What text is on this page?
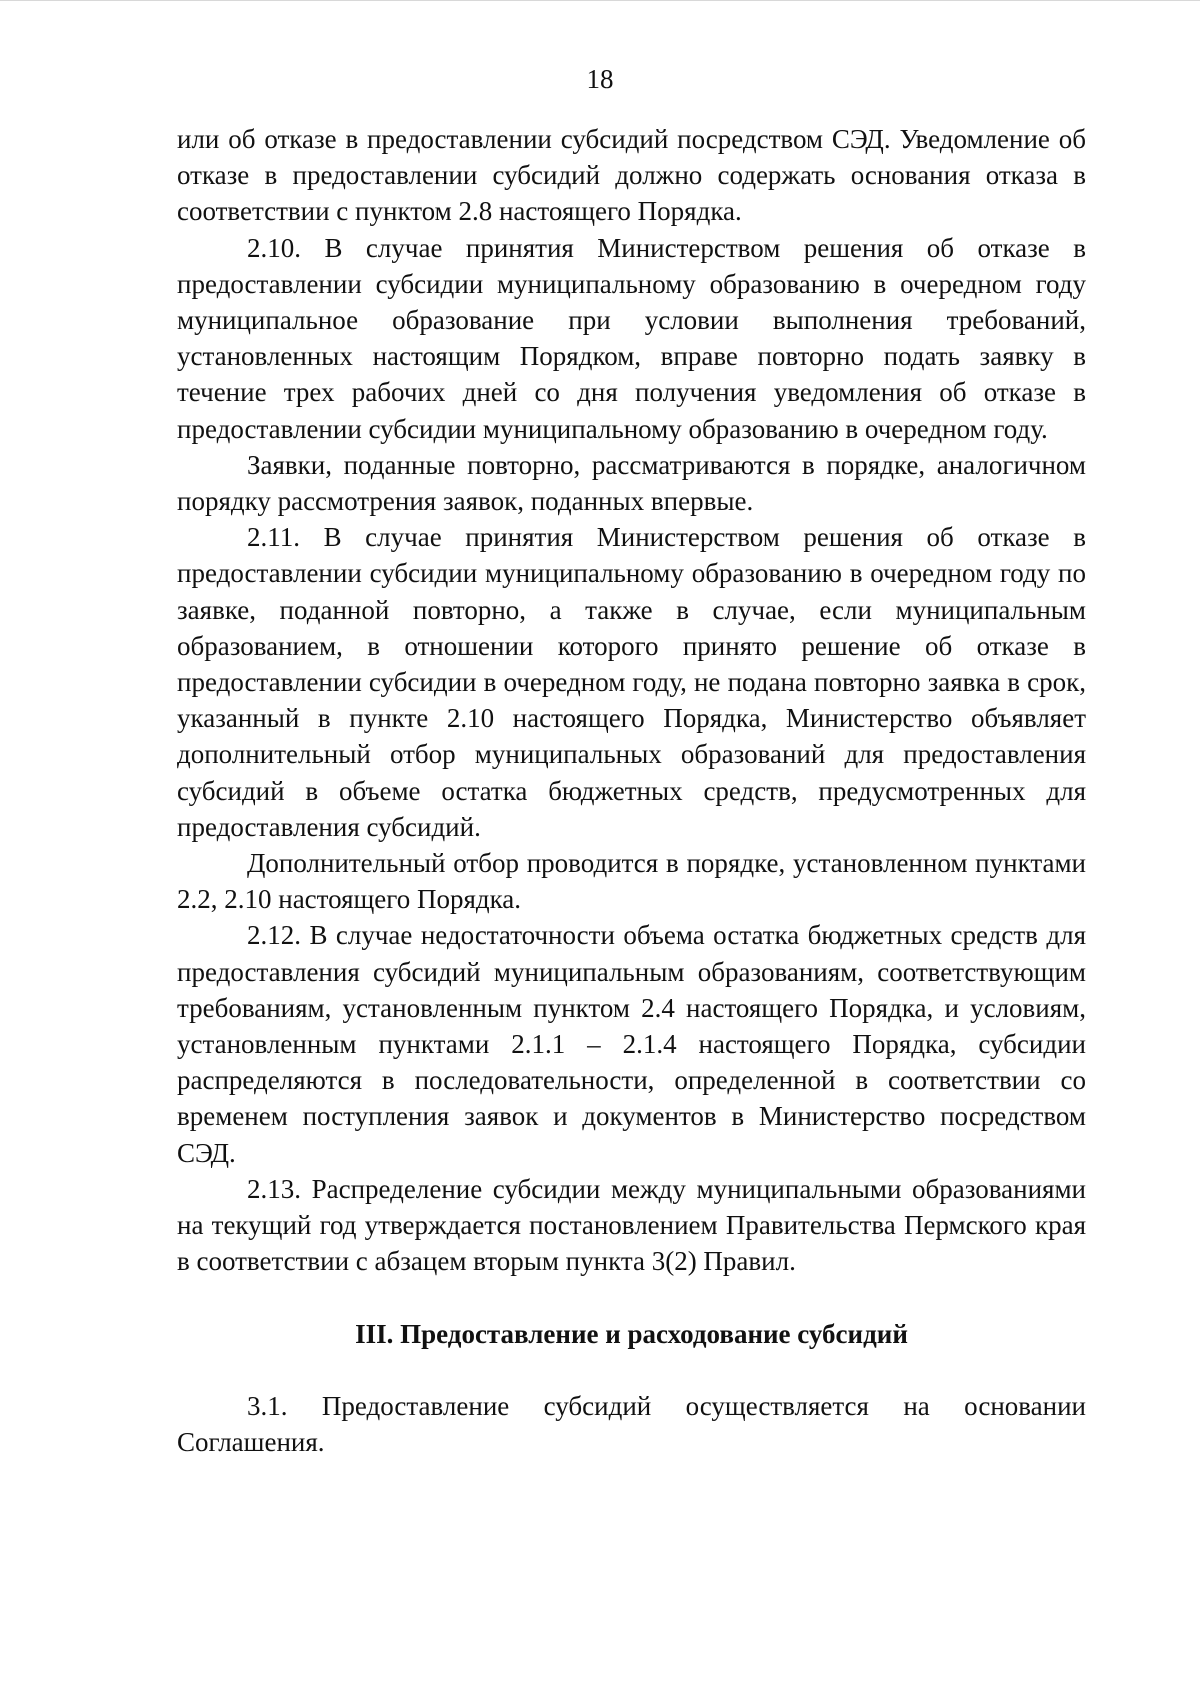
18

или об отказе в предоставлении субсидий посредством СЭД. Уведомление об отказе в предоставлении субсидий должно содержать основания отказа в соответствии с пунктом 2.8 настоящего Порядка.

2.10. В случае принятия Министерством решения об отказе в предоставлении субсидии муниципальному образованию в очередном году муниципальное образование при условии выполнения требований, установленных настоящим Порядком, вправе повторно подать заявку в течение трех рабочих дней со дня получения уведомления об отказе в предоставлении субсидии муниципальному образованию в очередном году.

Заявки, поданные повторно, рассматриваются в порядке, аналогичном порядку рассмотрения заявок, поданных впервые.

2.11. В случае принятия Министерством решения об отказе в предоставлении субсидии муниципальному образованию в очередном году по заявке, поданной повторно, а также в случае, если муниципальным образованием, в отношении которого принято решение об отказе в предоставлении субсидии в очередном году, не подана повторно заявка в срок, указанный в пункте 2.10 настоящего Порядка, Министерство объявляет дополнительный отбор муниципальных образований для предоставления субсидий в объеме остатка бюджетных средств, предусмотренных для предоставления субсидий.

Дополнительный отбор проводится в порядке, установленном пунктами 2.2, 2.10 настоящего Порядка.

2.12. В случае недостаточности объема остатка бюджетных средств для предоставления субсидий муниципальным образованиям, соответствующим требованиям, установленным пунктом 2.4 настоящего Порядка, и условиям, установленным пунктами 2.1.1 – 2.1.4 настоящего Порядка, субсидии распределяются в последовательности, определенной в соответствии со временем поступления заявок и документов в Министерство посредством СЭД.

2.13. Распределение субсидии между муниципальными образованиями на текущий год утверждается постановлением Правительства Пермского края в соответствии с абзацем вторым пункта 3(2) Правил.

III. Предоставление и расходование субсидий

3.1. Предоставление субсидий осуществляется на основании Соглашения.
